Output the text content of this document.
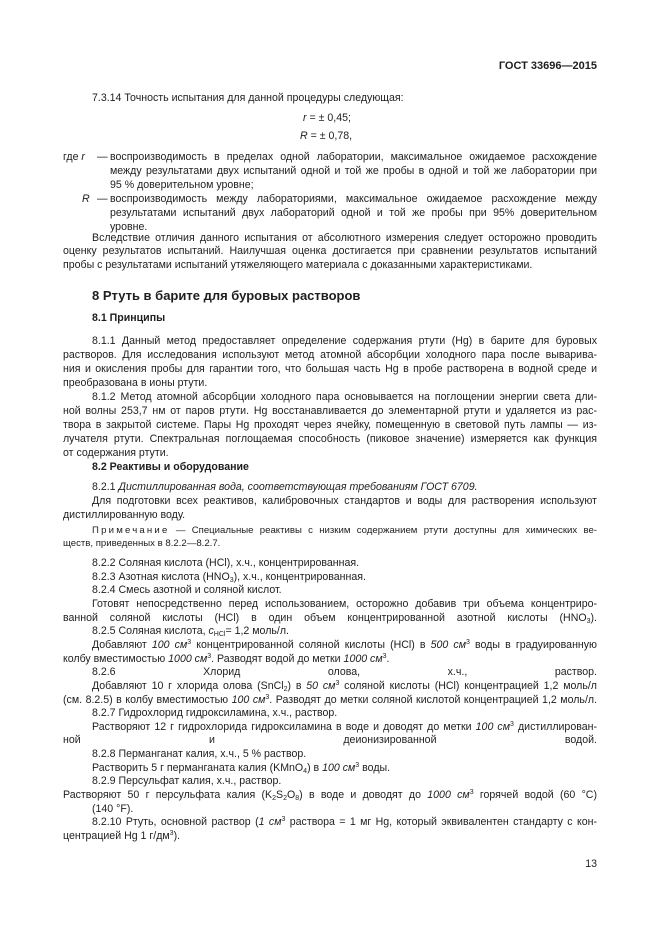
ГОСТ 33696—2015
7.3.14 Точность испытания для данной процедуры следующая:
r = ± 0,45;
R = ± 0,78,
где r — воспроизводимость в пределах одной лаборатории, максимальное ожидаемое расхождение
между результатами двух испытаний одной и той же пробы в одной и той же лаборатории при
95 % доверительном уровне;
R — воспроизводимость между лабораториями, максимальное ожидаемое расхождение между
результатами испытаний двух лабораторий одной и той же пробы при 95% доверительном
уровне.
Вследствие отличия данного испытания от абсолютного измерения следует осторожно проводить
оценку результатов испытаний. Наилучшая оценка достигается при сравнении результатов испытаний
пробы с результатами испытаний утяжеляющего материала с доказанными характеристиками.
8 Ртуть в барите для буровых растворов
8.1 Принципы
8.1.1 Данный метод предоставляет определение содержания ртути (Hg) в барите для буровых
растворов. Для исследования используют метод атомной абсорбции холодного пара после выварива-
ния и окисления пробы для гарантии того, что большая часть Hg в пробе растворена в водной среде и
преобразована в ионы ртути.
8.1.2 Метод атомной абсорбции холодного пара основывается на поглощении энергии света дли-
ной волны 253,7 нм от паров ртути. Hg восстанавливается до элементарной ртути и удаляется из рас-
твора в закрытой системе. Пары Hg проходят через ячейку, помещенную в световой путь лампы — из-
лучателя ртути. Спектральная поглощаемая способность (пиковое значение) измеряется как функция
от содержания ртути.
8.2 Реактивы и оборудование
8.2.1 Дистиллированная вода, соответствующая требованиям ГОСТ 6709.
Для подготовки всех реактивов, калибровочных стандартов и воды для растворения используют
дистиллированную воду.
Примечание — Специальные реактивы с низким содержанием ртути доступны для химических ве-
ществ, приведенных в 8.2.2—8.2.7.
8.2.2 Соляная кислота (HCl), х.ч., концентрированная.
8.2.3 Азотная кислота $(HNO_3)$, х.ч., концентрированная.
8.2.4 Смесь азотной и соляной кислот.
Готовят непосредственно перед использованием, осторожно добавив три объема концентриро-
ванной соляной кислоты (HCl) в один объем концентрированной азотной кислоты $(HNO_3)$.
8.2.5 Соляная кислота, $c_{HCl}= 1,2$ моль/л.
Добавляют 100 $см^3$ концентрированной соляной кислоты (HCl) в 500 $см^3$ воды в градуированную
колбу вместимостью 1000 $см^3$. Разводят водой до метки 1000 $см^3$.
8.2.6 Хлорид олова, х.ч., раствор.
Добавляют 10 г хлорида олова (SnCl$_2$) в 50 $см^3$ соляной кислоты (HCl) концентрацией 1,2 моль/л
(см. 8.2.5) в колбу вместимостью 100 $см^3$. Разводят до метки соляной кислотой концентрацией 1,2 моль/л.
8.2.7 Гидрохлорид гидроксиламина, х.ч., раствор.
Растворяют 12 г гидрохлорида гидроксиламина в воде и доводят до метки 100 $см^3$ дистиллирован-
ной и деионизированной водой.
8.2.8 Перманганат калия, х.ч., 5 % раствор.
Растворить 5 г перманганата калия (KMnO$_4$) в 100 $см^3$ воды.
8.2.9 Персульфат калия, х.ч., раствор.
Растворяют 50 г персульфата калия $(K_2S_2O_8)$ в воде и доводят до 1000 $см^3$ горячей водой (60 °C)
(140 °F).
8.2.10 Ртуть, основной раствор (1 $см^3$ раствора = 1 мг Hg, который эквивалентен стандарту с кон-
центрацией Hg 1 $г/дм^3$).
13
